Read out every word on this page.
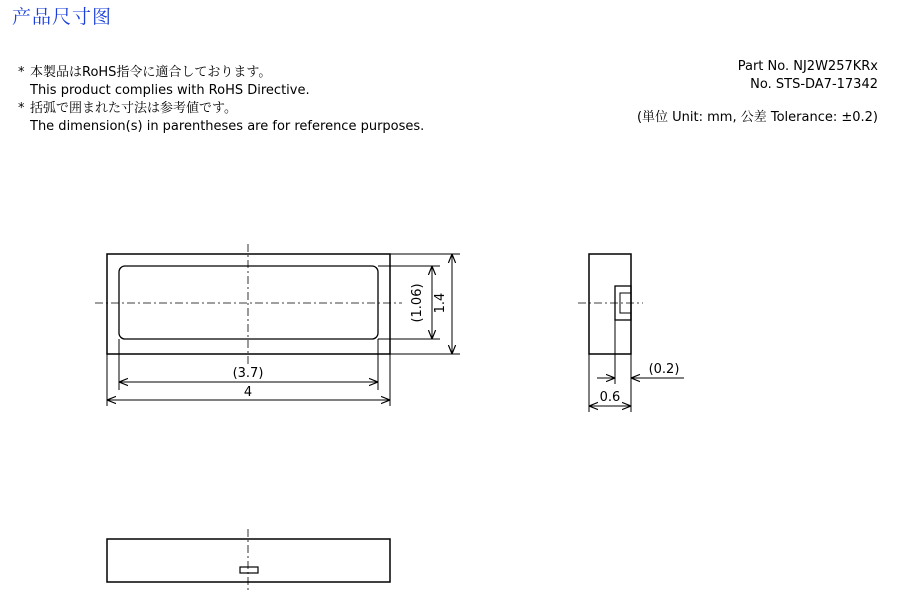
产品尺寸图
* 本製品はRoHS指令に適合しております。
This product complies with RoHS Directive.
* 括弧で囲まれた寸法は参考値です。
The dimension(s) in parentheses are for reference purposes.
Part No. NJ2W257KRx
No. STS-DA7-17342
(単位 Unit: mm, 公差 Tolerance: ±0.2)
(3.7)
4
(1.06) 1.4
(0.2)
0.6
